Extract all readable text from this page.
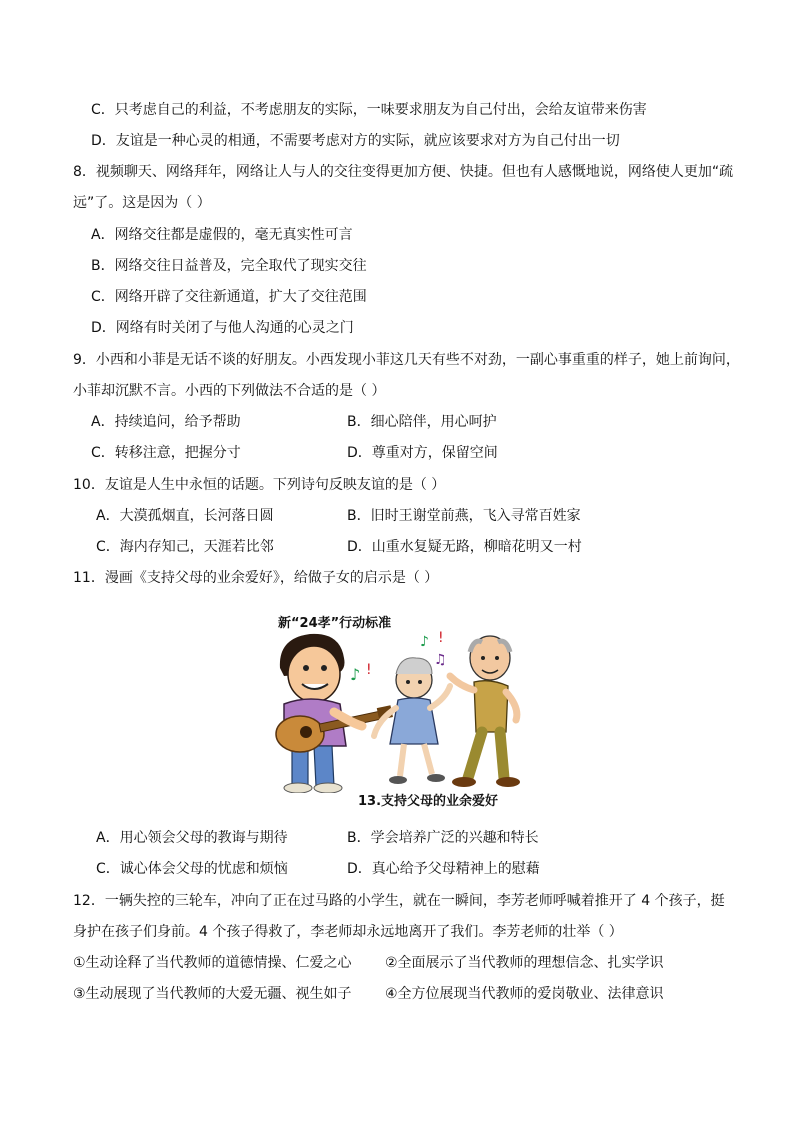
C．只考虑自己的利益，不考虑朋友的实际，一味要求朋友为自己付出，会给友谊带来伤害
D．友谊是一种心灵的相通，不需要考虑对方的实际，就应该要求对方为自己付出一切
8．视频聊天、网络拜年，网络让人与人的交往变得更加方便、快捷。但也有人感慨地说，网络使人更加“疏
远”了。这是因为（ ）
A．网络交往都是虚假的，毫无真实性可言
B．网络交往日益普及，完全取代了现实交往
C．网络开辟了交往新通道，扩大了交往范围
D．网络有时关闭了与他人沟通的心灵之门
9．小西和小菲是无话不谈的好朋友。小西发现小菲这几天有些不对劲，一副心事重重的样子，她上前询问，
小菲却沉默不言。小西的下列做法不合适的是（ ）
A．持续追问，给予帮助	B．细心陪伴，用心呵护
C．转移注意，把握分寸	D．尊重对方，保留空间
10．友谊是人生中永恒的话题。下列诗句反映友谊的是（ ）
A．大漠孤烟直，长河落日圆	B．旧时王谢堂前燕，飞入寻常百姓家
C．海内存知己，天涯若比邻	D．山重水复疑无路，柳暗花明又一村
11．漫画《支持父母的业余爱好》，给做子女的启示是（ ）
新“24孝”行动标准
♪ !
♪ !
♫
13.支持父母的业余爱好
A．用心领会父母的教诲与期待	B．学会培养广泛的兴趣和特长
C．诚心体会父母的忧虑和烦恼	D．真心给予父母精神上的慰藉
12．一辆失控的三轮车，冲向了正在过马路的小学生，就在一瞬间，李芳老师呼喊着推开了 4 个孩子，挺
身护在孩子们身前。4 个孩子得救了，李老师却永远地离开了我们。李芳老师的壮举（ ）
①生动诠释了当代教师的道德情操、仁爱之心 ②全面展示了当代教师的理想信念、扎实学识
③生动展现了当代教师的大爱无疆、视生如子 ④全方位展现当代教师的爱岗敬业、法律意识
